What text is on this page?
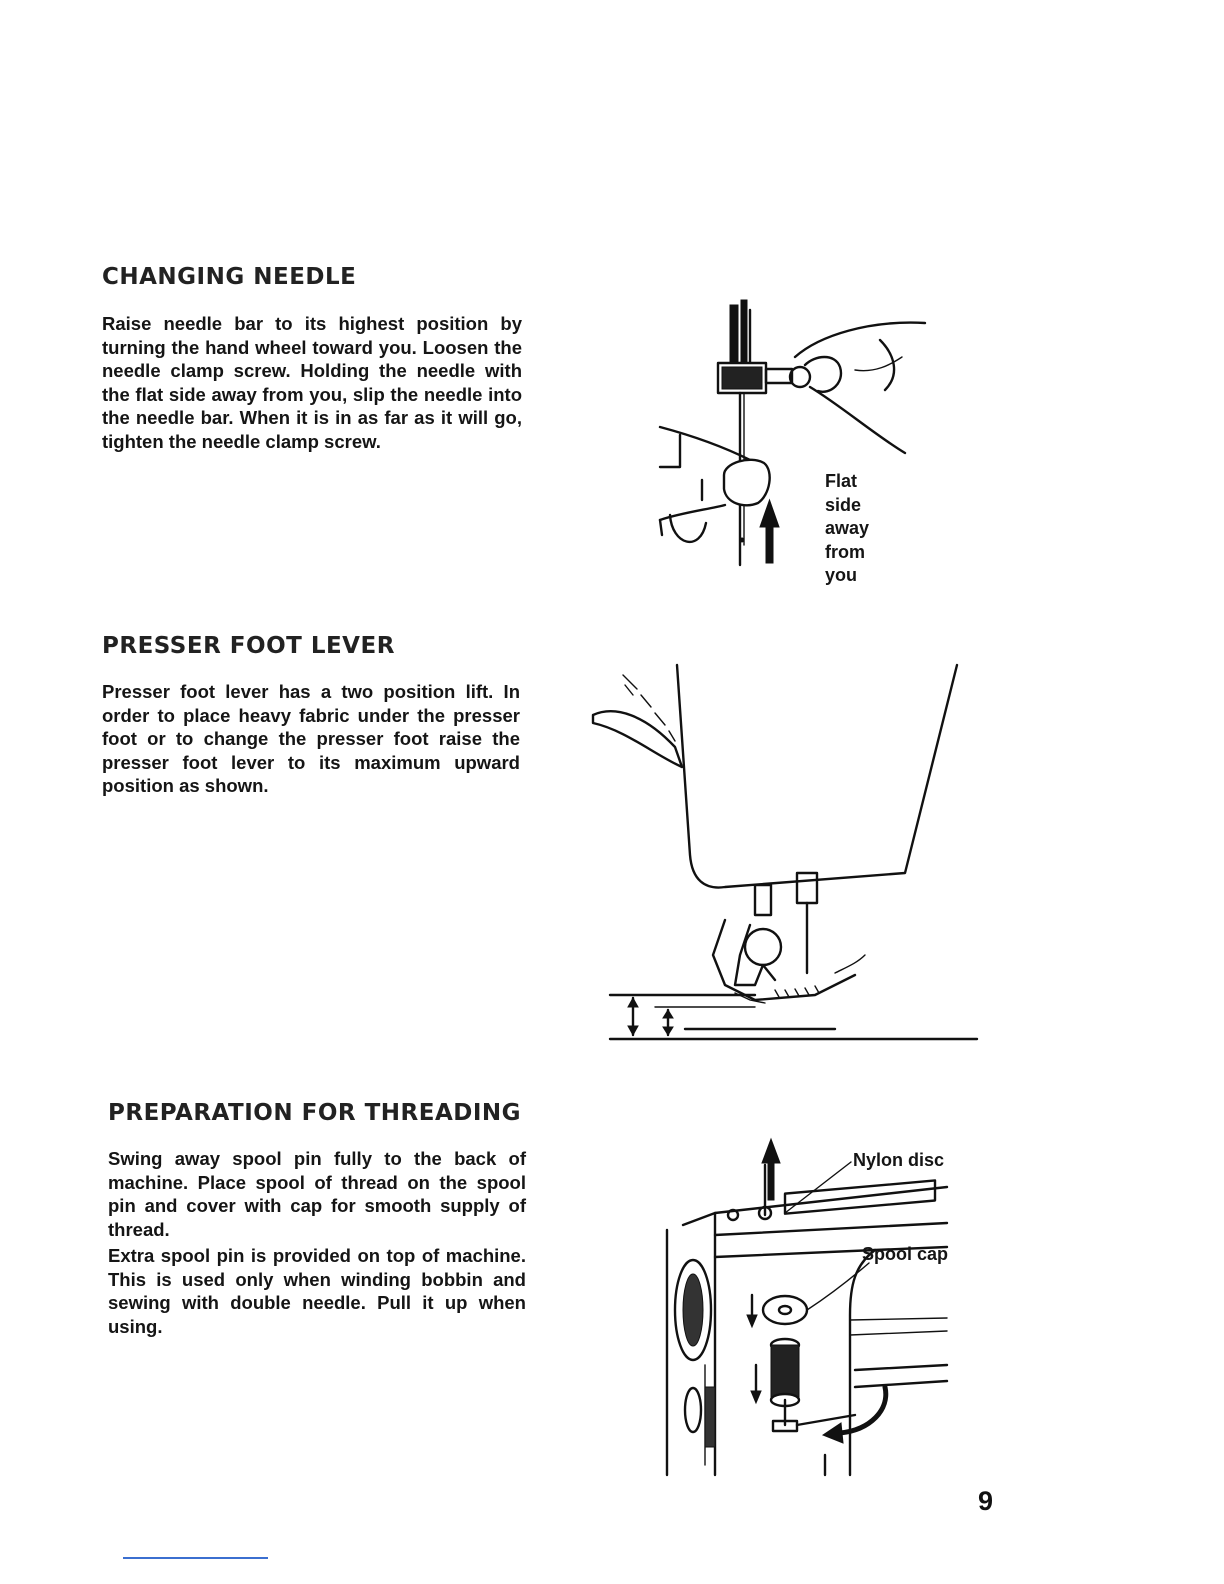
CHANGING NEEDLE

Raise needle bar to its highest position by turning the hand wheel toward you. Loosen the needle clamp screw. Holding the needle with the flat side away from you, slip the needle into the needle bar. When it is in as far as it will go, tighten the needle clamp screw.

Flat side away from you

PRESSER FOOT LEVER

Presser foot lever has a two position lift. In order to place heavy fabric under the presser foot or to change the presser foot raise the presser foot lever to its maximum upward position as shown.

PREPARATION FOR THREADING

Swing away spool pin fully to the back of machine. Place spool of thread on the spool pin and cover with cap for smooth supply of thread.

Extra spool pin is provided on top of machine. This is used only when winding bobbin and sewing with double needle. Pull it up when using.

Nylon disc

Spool cap

9
